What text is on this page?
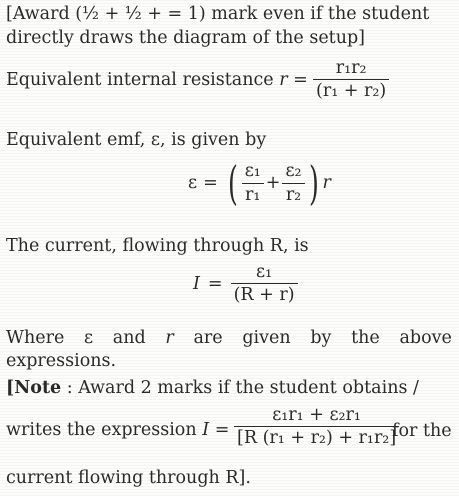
[Award (½ + ½ + = 1) mark even if the student
directly draws the diagram of the setup]
Equivalent internal resistance $r = \frac{\text{r₁r₂}}{\text{(r₁ + r₂)}}$
Equivalent emf, ε, is given by
ε = ( $\frac{\text{ε₁}}{\text{r₁}} + \frac{\text{ε₂}}{\text{r₂}}$ ) r
The current, flowing through R, is
$I = \frac{\text{ε₁}}{(R + r)}$
Where ε and r are given by the above
expressions.
[Note : Award 2 marks if the student obtains /
writes the expression $I = \frac{\text{ε₁r₁ + ε₂r₁}}{\text{[R (r₁ + r₂) + r₁r₂]}}$
for the
current flowing through R].
